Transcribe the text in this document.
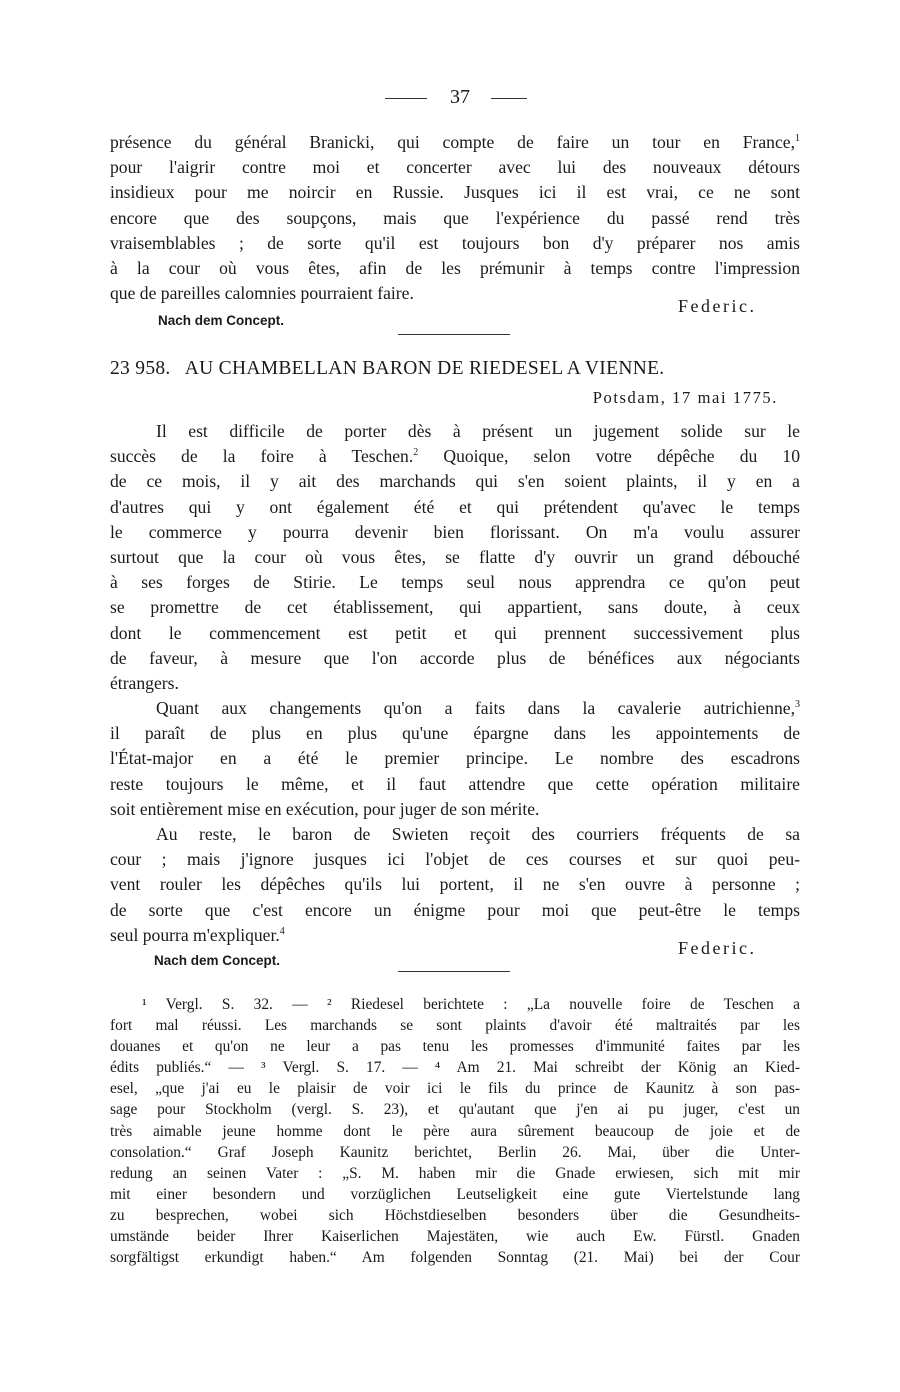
37
présence du général Branicki, qui compte de faire un tour en France,$^1$
pour l'aigrir contre moi et concerter avec lui des nouveaux détours
insidieux pour me noircir en Russie. Jusques ici il est vrai, ce ne sont
encore que des soupçons, mais que l'expérience du passé rend très
vraisemblables ; de sorte qu'il est toujours bon d'y préparer nos amis
à la cour où vous êtes, afin de les prémunir à temps contre l'impression
que de pareilles calomnies pourraient faire.
Federic.
Nach dem Concept.
23 958. AU CHAMBELLAN BARON DE RIEDESEL A VIENNE.
Potsdam, 17 mai 1775.
Il est difficile de porter dès à présent un jugement solide sur le
succès de la foire à Teschen.$^2$ Quoique, selon votre dépêche du 10
de ce mois, il y ait des marchands qui s'en soient plaints, il y en a
d'autres qui y ont également été et qui prétendent qu'avec le temps
le commerce y pourra devenir bien florissant. On m'a voulu assurer
surtout que la cour où vous êtes, se flatte d'y ouvrir un grand débouché
à ses forges de Stirie. Le temps seul nous apprendra ce qu'on peut
se promettre de cet établissement, qui appartient, sans doute, à ceux
dont le commencement est petit et qui prennent successivement plus
de faveur, à mesure que l'on accorde plus de bénéfices aux négociants
étrangers.
Quant aux changements qu'on a faits dans la cavalerie autrichienne,$^3$
il paraît de plus en plus qu'une épargne dans les appointements de
l'État-major en a été le premier principe. Le nombre des escadrons
reste toujours le même, et il faut attendre que cette opération militaire
soit entièrement mise en exécution, pour juger de son mérite.
Au reste, le baron de Swieten reçoit des courriers fréquents de sa
cour ; mais j'ignore jusques ici l'objet de ces courses et sur quoi peu-
vent rouler les dépêches qu'ils lui portent, il ne s'en ouvre à personne ;
de sorte que c'est encore un énigme pour moi que peut-être le temps
seul pourra m'expliquer.$^4$
Federic.
Nach dem Concept.
¹ Vergl. S. 32. — ² Riedesel berichtete : „La nouvelle foire de Teschen a
fort mal réussi. Les marchands se sont plaints d'avoir été maltraités par les
douanes et qu'on ne leur a pas tenu les promesses d'immunité faites par les
édits publiés.“ — ³ Vergl. S. 17. — ⁴ Am 21. Mai schreibt der König an Kied-
esel, „que j'ai eu le plaisir de voir ici le fils du prince de Kaunitz à son pas-
sage pour Stockholm (vergl. S. 23), et qu'autant que j'en ai pu juger, c'est un
très aimable jeune homme dont le père aura sûrement beaucoup de joie et de
consolation.“ Graf Joseph Kaunitz berichtet, Berlin 26. Mai, über die Unter-
redung an seinen Vater : „S. M. haben mir die Gnade erwiesen, sich mit mir
mit einer besondern und vorzüglichen Leutseligkeit eine gute Viertelstunde lang
zu besprechen, wobei sich Höchstdieselben besonders über die Gesundheits-
umstände beider Ihrer Kaiserlichen Majestäten, wie auch Ew. Fürstl. Gnaden
sorgfältigst erkundigt haben.“ Am folgenden Sonntag (21. Mai) bei der Cour
